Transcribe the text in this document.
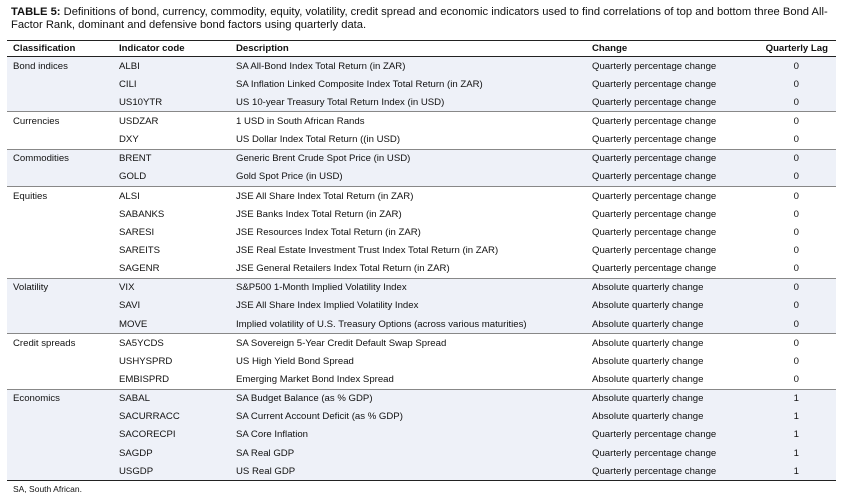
TABLE 5: Definitions of bond, currency, commodity, equity, volatility, credit spread and economic indicators used to find correlations of top and bottom three Bond All-Factor Rank, dominant and defensive bond factors using quarterly data.
Classification	Indicator code	Description	Change	Quarterly Lag
Bond indices	ALBI	SA All-Bond Index Total Return (in ZAR)	Quarterly percentage change	0
	CILI	SA Inflation Linked Composite Index Total Return (in ZAR)	Quarterly percentage change	0
	US10YTR	US 10-year Treasury Total Return Index (in USD)	Quarterly percentage change	0
Currencies	USDZAR	1 USD in South African Rands	Quarterly percentage change	0
	DXY	US Dollar Index Total Return ((in USD)	Quarterly percentage change	0
Commodities	BRENT	Generic Brent Crude Spot Price (in USD)	Quarterly percentage change	0
	GOLD	Gold Spot Price (in USD)	Quarterly percentage change	0
Equities	ALSI	JSE All Share Index Total Return (in ZAR)	Quarterly percentage change	0
	SABANKS	JSE Banks Index Total Return (in ZAR)	Quarterly percentage change	0
	SARESI	JSE Resources Index Total Return (in ZAR)	Quarterly percentage change	0
	SAREITS	JSE Real Estate Investment Trust Index Total Return (in ZAR)	Quarterly percentage change	0
	SAGENR	JSE General Retailers Index Total Return (in ZAR)	Quarterly percentage change	0
Volatility	VIX	S&P500 1-Month Implied Volatility Index	Absolute quarterly change	0
	SAVI	JSE All Share Index Implied Volatility Index	Absolute quarterly change	0
	MOVE	Implied volatility of U.S. Treasury Options (across various maturities)	Absolute quarterly change	0
Credit spreads	SA5YCDS	SA Sovereign 5-Year Credit Default Swap Spread	Absolute quarterly change	0
	USHYSPRD	US High Yield Bond Spread	Absolute quarterly change	0
	EMBISPRD	Emerging Market Bond Index Spread	Absolute quarterly change	0
Economics	SABAL	SA Budget Balance (as % GDP)	Absolute quarterly change	1
	SACURRACC	SA Current Account Deficit (as % GDP)	Absolute quarterly change	1
	SACORECPI	SA Core Inflation	Quarterly percentage change	1
	SAGDP	SA Real GDP	Quarterly percentage change	1
	USGDP	US Real GDP	Quarterly percentage change	1
SA, South African.
